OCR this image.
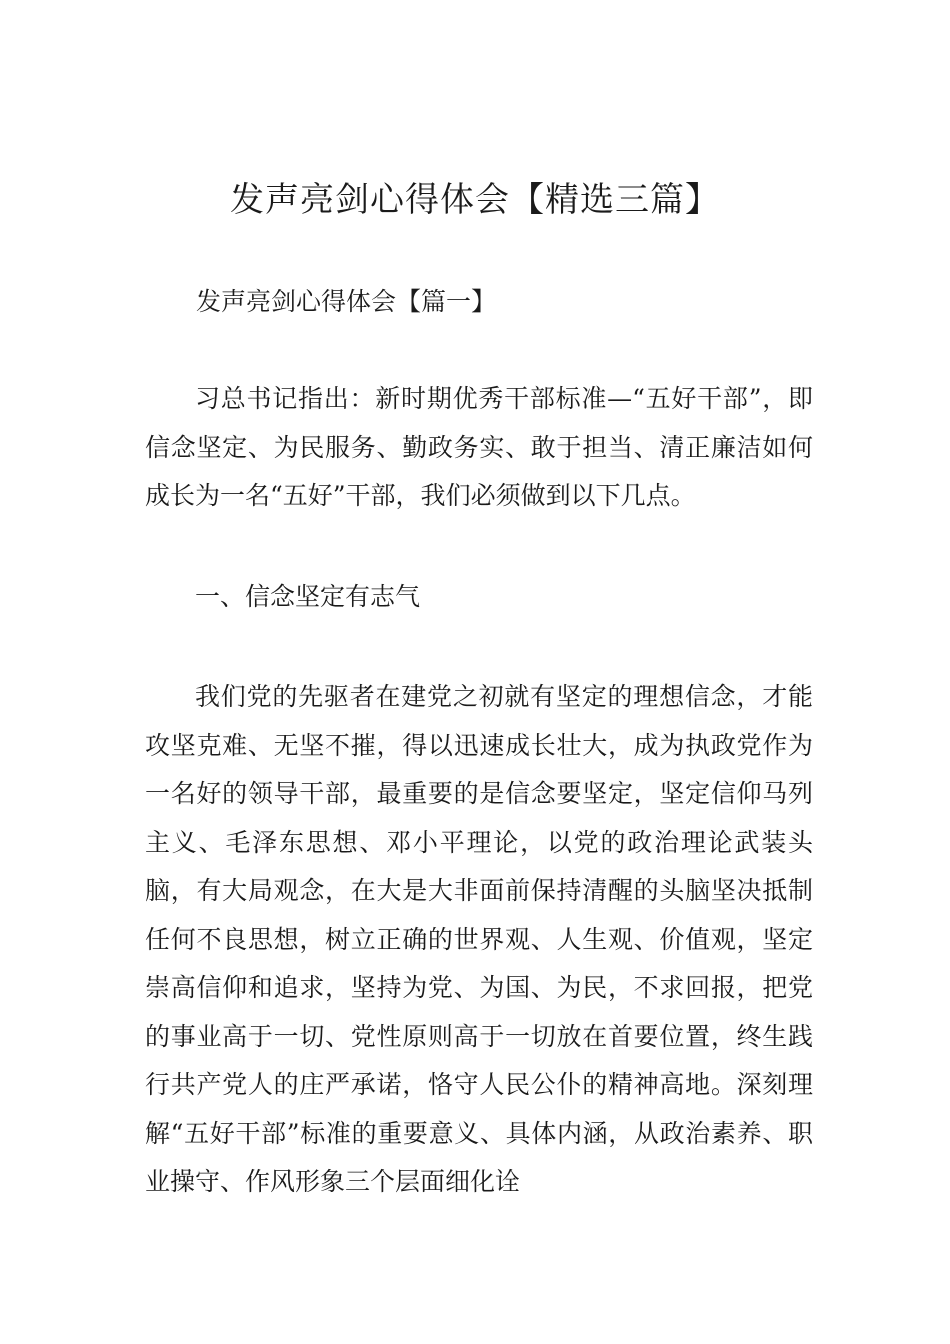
发声亮剑心得体会【精选三篇】
发声亮剑心得体会【篇一】

习总书记指出：新时期优秀干部标准—“五好干部”，即信念坚定、为民服务、勤政务实、敢于担当、清正廉洁如何成长为一名“五好”干部，我们必须做到以下几点。

一、信念坚定有志气

我们党的先驱者在建党之初就有坚定的理想信念，才能攻坚克难、无坚不摧，得以迅速成长壮大，成为执政党作为一名好的领导干部，最重要的是信念要坚定，坚定信仰马列主义、毛泽东思想、邓小平理论，以党的政治理论武装头脑，有大局观念，在大是大非面前保持清醒的头脑坚决抵制任何不良思想，树立正确的世界观、人生观、价值观，坚定崇高信仰和追求，坚持为党、为国、为民，不求回报，把党的事业高于一切、党性原则高于一切放在首要位置，终生践行共产党人的庄严承诺，恪守人民公仆的精神高地。深刻理解“五好干部”标准的重要意义、具体内涵，从政治素养、职业操守、作风形象三个层面细化诠
